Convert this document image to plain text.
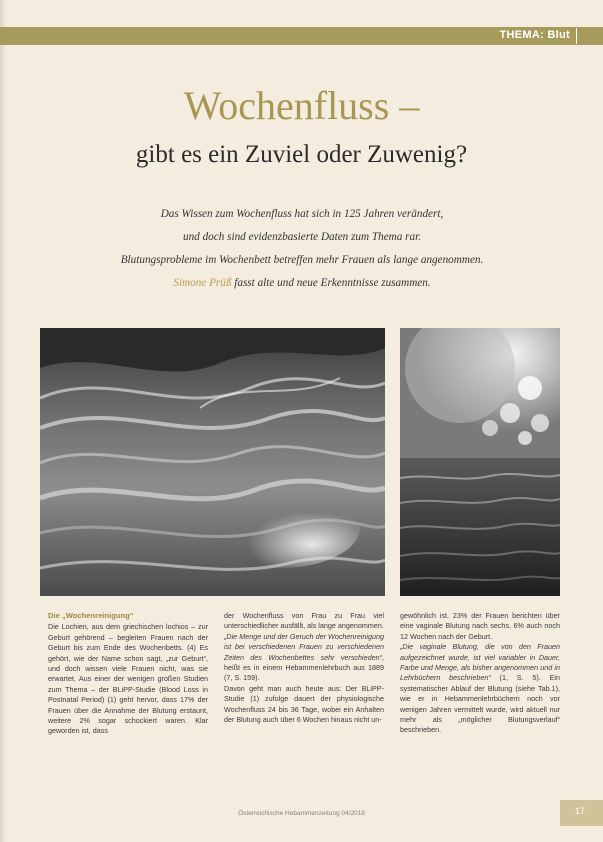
THEMA: Blut
Wochenfluss –
gibt es ein Zuviel oder Zuwenig?
Das Wissen zum Wochenfluss hat sich in 125 Jahren verändert,
und doch sind evidenzbasierte Daten zum Thema rar.
Blutungsprobleme im Wochenbett betreffen mehr Frauen als lange angenommen.
Simone Prüß fasst alte und neue Erkenntnisse zusammen.
Die „Wochenreinigung“

Die Lochien, aus dem griechischen lochios – zur Geburt gehörend – begleiten Frauen nach der Geburt bis zum Ende des Wochenbetts. (4) Es gehört, wie der Name schon sagt, „zur Geburt“, und doch wissen viele Frauen nicht, was sie erwartet. Aus einer der wenigen großen Studien zum Thema – der BLiPP-Studie (Blood Loss in Postnatal Period) (1) geht hervor, dass 17% der Frauen über die Annahme der Blutung erstaunt, weitere 2% sogar schockiert waren. Klar geworden ist, dass

der Wochenfluss von Frau zu Frau viel unterschiedlicher ausfällt, als lange angenommen.

„Die Menge und der Geruch der Wochenreinigung ist bei verschiedenen Frauen zu verschiedenen Zeiten des Wochenbettes sehr verschieden“, heißt es in einem Hebammenlehrbuch aus 1889 (7, S. 159).

Davon geht man auch heute aus: Der BLiPP-Studie (1) zufolge dauert der physiologische Wochenfluss 24 bis 36 Tage, wobei ein Anhalten der Blutung auch über 6 Wochen hinaus nicht un-

gewöhnlich ist. 23% der Frauen berichten über eine vaginale Blutung nach sechs, 6% auch noch 12 Wochen nach der Geburt.

„Die vaginale Blutung, die von den Frauen aufgezeichnet wurde, ist viel variabler in Dauer, Farbe und Menge, als bisher angenommen und in Lehrbüchern beschrieben“ (1, S. 5). Ein systematischer Ablauf der Blutung (siehe Tab.1), wie er in Hebammenlehrbüchern noch vor wenigen Jahren vermittelt wurde, wird aktuell nur mehr als „möglicher Blutungsverlauf“ beschrieben.

Österreichische Hebammenzeitung 04/2018	17
